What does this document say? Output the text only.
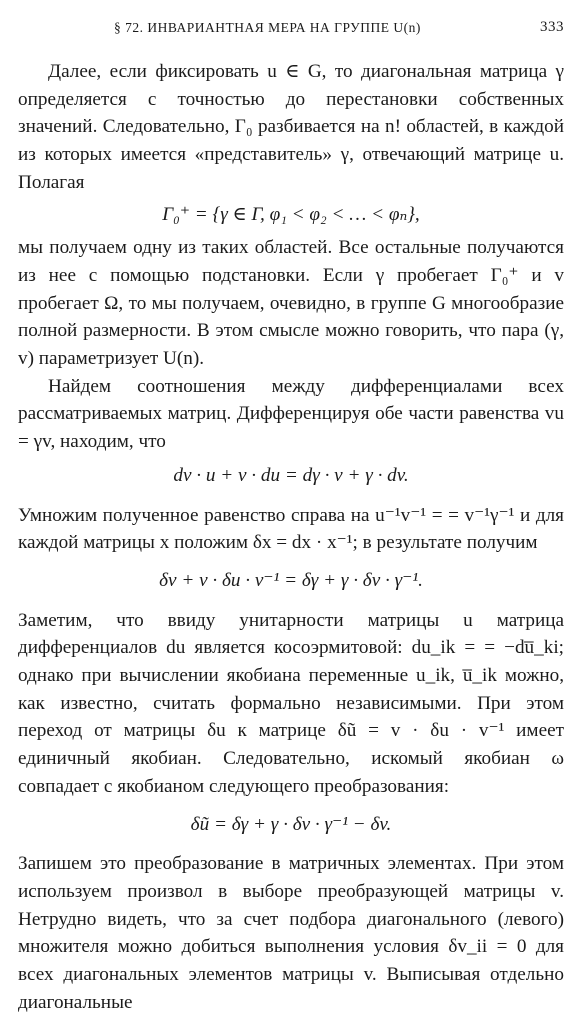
§ 72. ИНВАРИАНТНАЯ МЕРА НА ГРУППЕ U(n)	333

Далее, если фиксировать u ∈ G, то диагональная матрица γ определяется с точностью до перестановки собственных значений. Следовательно, Γ₀ разбивается на n! областей, в каждой из которых имеется «представитель» γ, отвечающий матрице u. Полагая

Γ₀⁺ = {γ ∈ Γ, φ₁ < φ₂ < … < φₙ},

мы получаем одну из таких областей. Все остальные получаются из нее с помощью подстановки. Если γ пробегает Γ₀⁺ и v пробегает Ω, то мы получаем, очевидно, в группе G многообразие полной размерности. В этом смысле можно говорить, что пара (γ, v) параметризует U(n).

Найдем соотношения между дифференциалами всех рассматриваемых матриц. Дифференцируя обе части равенства vu = γv, находим, что

dv · u + v · du = dγ · v + γ · dv.

Умножим полученное равенство справа на u⁻¹v⁻¹ = = v⁻¹γ⁻¹ и для каждой матрицы x положим δx = dx · x⁻¹; в результате получим

δv + v · δu · v⁻¹ = δγ + γ · δv · γ⁻¹.

Заметим, что ввиду унитарности матрицы u матрица дифференциалов du является косоэрмитовой: du_ik = = −du̅_ki; однако при вычислении якобиана переменные u_ik, u̅_ik можно, как известно, считать формально независимыми. При этом переход от матрицы δu к матрице δũ = v · δu · v⁻¹ имеет единичный якобиан. Следовательно, искомый якобиан ω совпадает с якобианом следующего преобразования:

δũ = δγ + γ · δv · γ⁻¹ − δv.

Запишем это преобразование в матричных элементах. При этом используем произвол в выборе преобразующей матрицы v. Нетрудно видеть, что за счет подбора диагонального (левого) множителя можно добиться выполнения условия δv_ii = 0 для всех диагональных элементов матрицы v. Выписывая отдельно диагональные
